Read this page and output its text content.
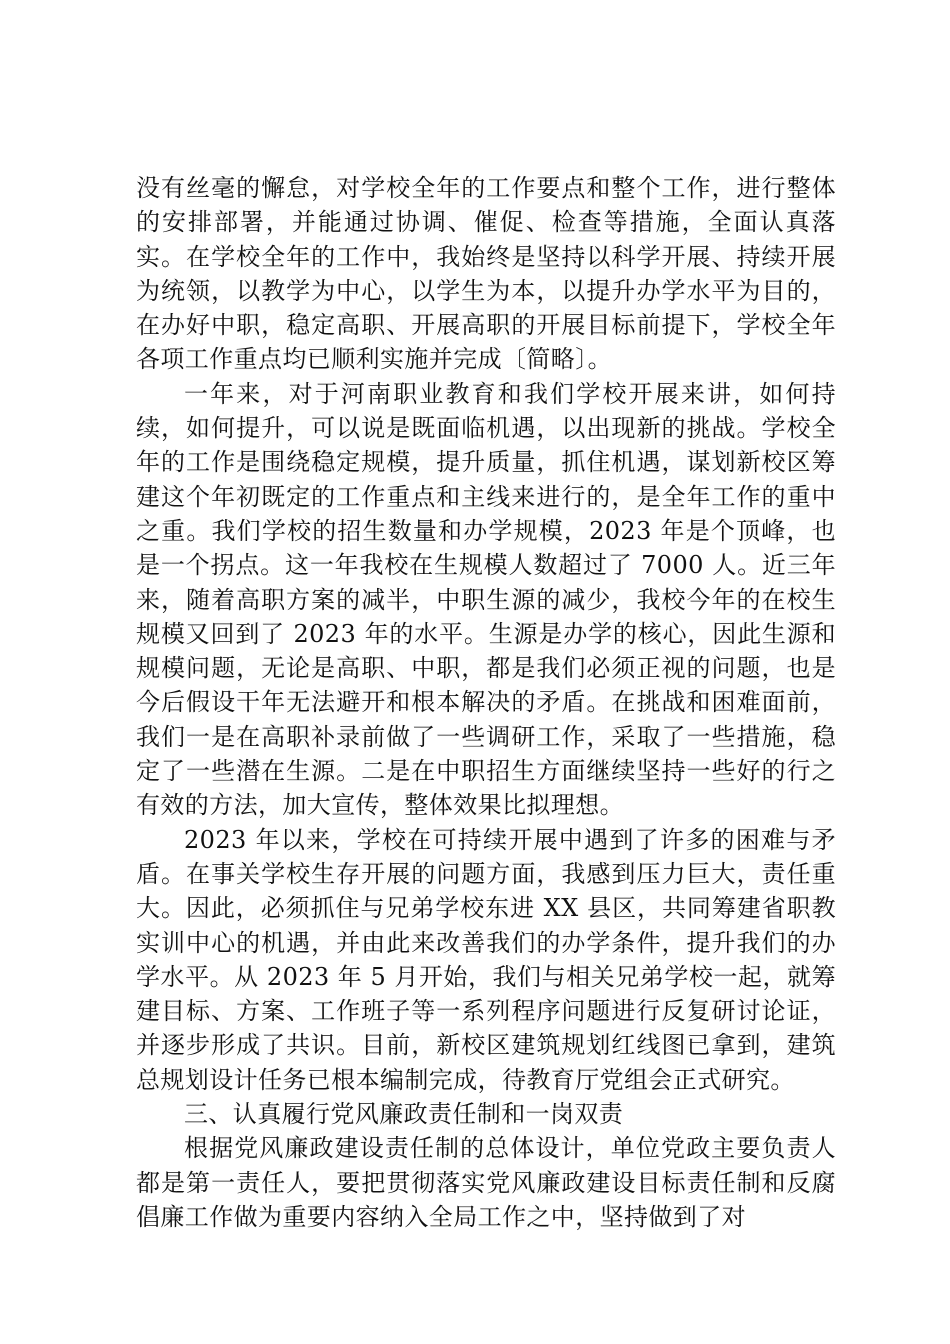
没有丝毫的懈怠，对学校全年的工作要点和整个工作，进行整体的安排部署，并能通过协调、催促、检查等措施，全面认真落实。在学校全年的工作中，我始终是坚持以科学开展、持续开展为统领，以教学为中心，以学生为本，以提升办学水平为目的，在办好中职，稳定高职、开展高职的开展目标前提下，学校全年各项工作重点均已顺利实施并完成〔简略〕。

一年来，对于河南职业教育和我们学校开展来讲，如何持续，如何提升，可以说是既面临机遇，以出现新的挑战。学校全年的工作是围绕稳定规模，提升质量，抓住机遇，谋划新校区筹建这个年初既定的工作重点和主线来进行的，是全年工作的重中之重。我们学校的招生数量和办学规模，2023 年是个顶峰，也是一个拐点。这一年我校在生规模人数超过了 7000 人。近三年来，随着高职方案的减半，中职生源的减少，我校今年的在校生规模又回到了 2023 年的水平。生源是办学的核心，因此生源和规模问题，无论是高职、中职，都是我们必须正视的问题，也是今后假设干年无法避开和根本解决的矛盾。在挑战和困难面前，我们一是在高职补录前做了一些调研工作，采取了一些措施，稳定了一些潜在生源。二是在中职招生方面继续坚持一些好的行之有效的方法，加大宣传，整体效果比拟理想。

2023 年以来，学校在可持续开展中遇到了许多的困难与矛盾。在事关学校生存开展的问题方面，我感到压力巨大，责任重大。因此，必须抓住与兄弟学校东进 XX 县区，共同筹建省职教实训中心的机遇，并由此来改善我们的办学条件，提升我们的办学水平。从 2023 年 5 月开始，我们与相关兄弟学校一起，就筹建目标、方案、工作班子等一系列程序问题进行反复研讨论证，并逐步形成了共识。目前，新校区建筑规划红线图已拿到，建筑总规划设计任务已根本编制完成，待教育厅党组会正式研究。

三、认真履行党风廉政责任制和一岗双责

根据党风廉政建设责任制的总体设计，单位党政主要负责人都是第一责任人，要把贯彻落实党风廉政建设目标责任制和反腐倡廉工作做为重要内容纳入全局工作之中，坚持做到了对
